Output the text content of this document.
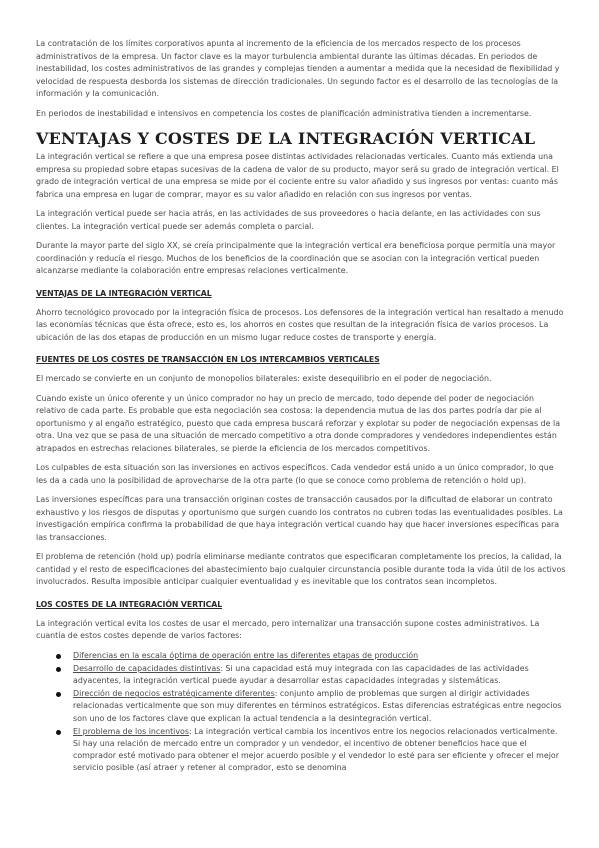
La contratación de los límites corporativos apunta al incremento de la eficiencia de los mercados respecto de los procesos administrativos de la empresa. Un factor clave es la mayor turbulencia ambiental durante las últimas décadas. En periodos de inestabilidad, los costes administrativos de las grandes y complejas tienden a aumentar a medida que la necesidad de flexibilidad y velocidad de respuesta desborda los sistemas de dirección tradicionales. Un segundo factor es el desarrollo de las tecnologías de la información y la comunicación.

En periodos de inestabilidad e intensivos en competencia los costes de planificación administrativa tienden a incrementarse.

VENTAJAS Y COSTES DE LA INTEGRACIÓN VERTICAL

La integración vertical se refiere a que una empresa posee distintas actividades relacionadas verticales. Cuanto más extienda una empresa su propiedad sobre etapas sucesivas de la cadena de valor de su producto, mayor será su grado de integración vertical. El grado de integración vertical de una empresa se mide por el cociente entre su valor añadido y sus ingresos por ventas: cuanto más fabrica una empresa en lugar de comprar, mayor es su valor añadido en relación con sus ingresos por ventas.

La integración vertical puede ser hacia atrás, en las actividades de sus proveedores o hacia delante, en las actividades con sus clientes. La integración vertical puede ser además completa o parcial.

Durante la mayor parte del siglo XX, se creía principalmente que la integración vertical era beneficiosa porque permitía una mayor coordinación y reducía el riesgo. Muchos de los beneficios de la coordinación que se asocian con la integración vertical pueden alcanzarse mediante la colaboración entre empresas relaciones verticalmente.

VENTAJAS DE LA INTEGRACIÓN VERTICAL

Ahorro tecnológico provocado por la integración física de procesos. Los defensores de la integración vertical han resaltado a menudo las economías técnicas que ésta ofrece, esto es, los ahorros en costes que resultan de la integración física de varios procesos. La ubicación de las dos etapas de producción en un mismo lugar reduce costes de transporte y energía.

FUENTES DE LOS COSTES DE TRANSACCIÓN EN LOS INTERCAMBIOS VERTICALES

El mercado se convierte en un conjunto de monopolios bilaterales: existe desequilibrio en el poder de negociación.

Cuando existe un único oferente y un único comprador no hay un precio de mercado, todo depende del poder de negociación relativo de cada parte. Es probable que esta negociación sea costosa: la dependencia mutua de las dos partes podría dar pie al oportunismo y al engaño estratégico, puesto que cada empresa buscará reforzar y explotar su poder de negociación expensas de la otra. Una vez que se pasa de una situación de mercado competitivo a otra donde compradores y vendedores independientes están atrapados en estrechas relaciones bilaterales, se pierde la eficiencia de los mercados competitivos.

Los culpables de esta situación son las inversiones en activos específicos. Cada vendedor está unido a un único comprador, lo que les da a cada uno la posibilidad de aprovecharse de la otra parte (lo que se conoce como problema de retención o hold up).

Las inversiones específicas para una transacción originan costes de transacción causados por la dificultad de elaborar un contrato exhaustivo y los riesgos de disputas y oportunismo que surgen cuando los contratos no cubren todas las eventualidades posibles. La investigación empírica confirma la probabilidad de que haya integración vertical cuando hay que hacer inversiones específicas para las transacciones.

El problema de retención (hold up) podría eliminarse mediante contratos que especificaran completamente los precios, la calidad, la cantidad y el resto de especificaciones del abastecimiento bajo cualquier circunstancia posible durante toda la vida útil de los activos involucrados. Resulta imposible anticipar cualquier eventualidad y es inevitable que los contratos sean incompletos.

LOS COSTES DE LA INTEGRACIÓN VERTICAL

La integración vertical evita los costes de usar el mercado, pero internalizar una transacción supone costes administrativos. La cuantía de estos costes depende de varios factores:

Diferencias en la escala óptima de operación entre las diferentes etapas de producción
Desarrollo de capacidades distintivas: Si una capacidad está muy integrada con las capacidades de las actividades adyacentes, la integración vertical puede ayudar a desarrollar estas capacidades integradas y sistemáticas.
Dirección de negocios estratégicamente diferentes: conjunto amplio de problemas que surgen al dirigir actividades relacionadas verticalmente que son muy diferentes en términos estratégicos. Estas diferencias estratégicas entre negocios son uno de los factores clave que explican la actual tendencia a la desintegración vertical.
El problema de los incentivos: La integración vertical cambia los incentivos entre los negocios relacionados verticalmente. Si hay una relación de mercado entre un comprador y un vendedor, el incentivo de obtener beneficios hace que el comprador esté motivado para obtener el mejor acuerdo posible y el vendedor lo esté para ser eficiente y ofrecer el mejor servicio posible (así atraer y retener al comprador, esto se denomina
